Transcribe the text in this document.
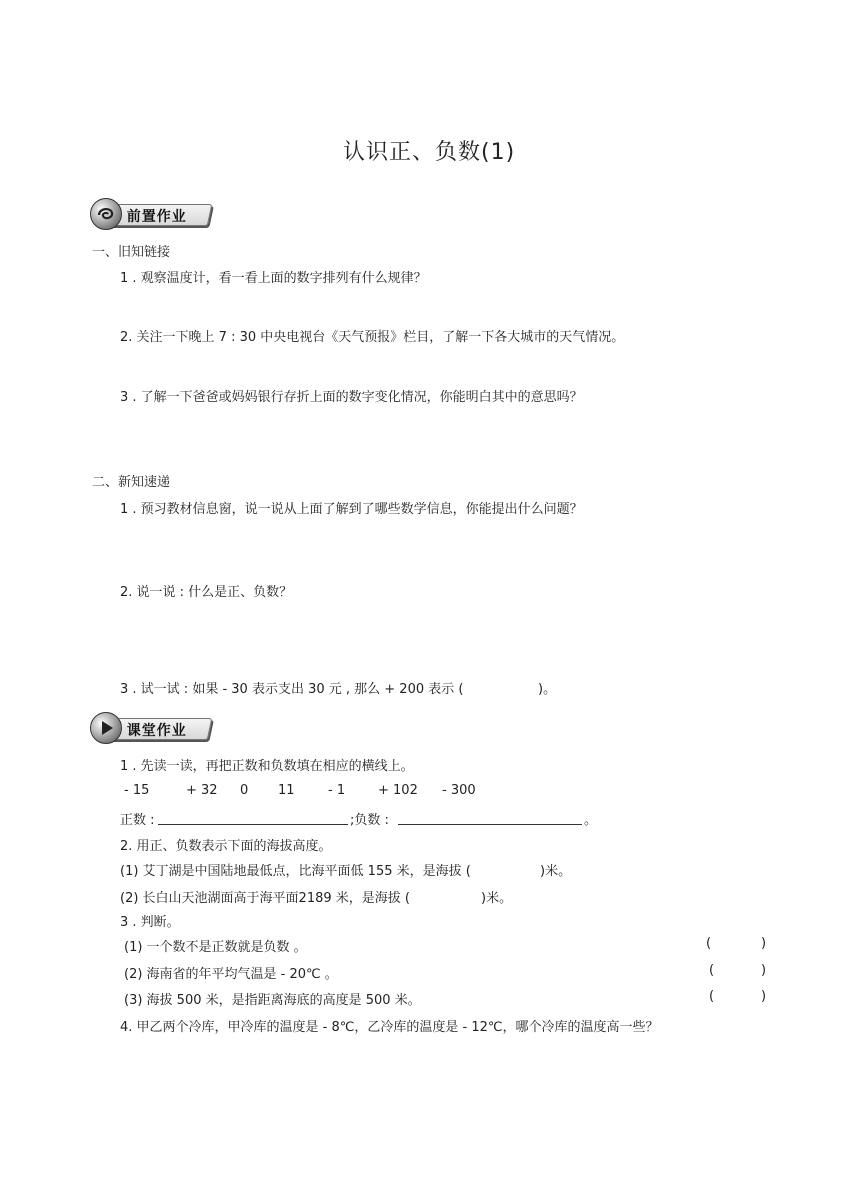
认识正、负数(1)
前置作业
一、旧知链接
1 . 观察温度计，看一看上面的数字排列有什么规律？
2. 关注一下晚上 7 : 30 中央电视台《天气预报》栏目，了解一下各大城市的天气情况。
3 . 了解一下爸爸或妈妈银行存折上面的数字变化情况，你能明白其中的意思吗？
二、新知速递
1 . 预习教材信息窗，说一说从上面了解到了哪些数学信息，你能提出什么问题？
2. 说一说 : 什么是正、负数？
3 . 试一试 : 如果 - 30 表示支出 30 元 , 那么 + 200 表示 (	)。
课堂作业
1 . 先读一读，再把正数和负数填在相应的横线上。
- 15	+ 32 0 11	- 1	+ 102 - 300
正数 :	;负数 :	。
2. 用正、负数表示下面的海拔高度。
(1) 艾丁湖是中国陆地最低点，比海平面低 155 米，是海拔 (	)米。
(2) 长白山天池湖面高于海平面2189 米，是海拔 (	)米。
3 . 判断。
(1) 一个数不是正数就是负数 。	(	)
(2) 海南省的年平均气温是 - 20℃ 。	(	)
(3) 海拔 500 米，是指距离海底的高度是 500 米。	(	)
4. 甲乙两个冷库，甲冷库的温度是 - 8℃，乙冷库的温度是 - 12℃，哪个冷库的温度高一些？
